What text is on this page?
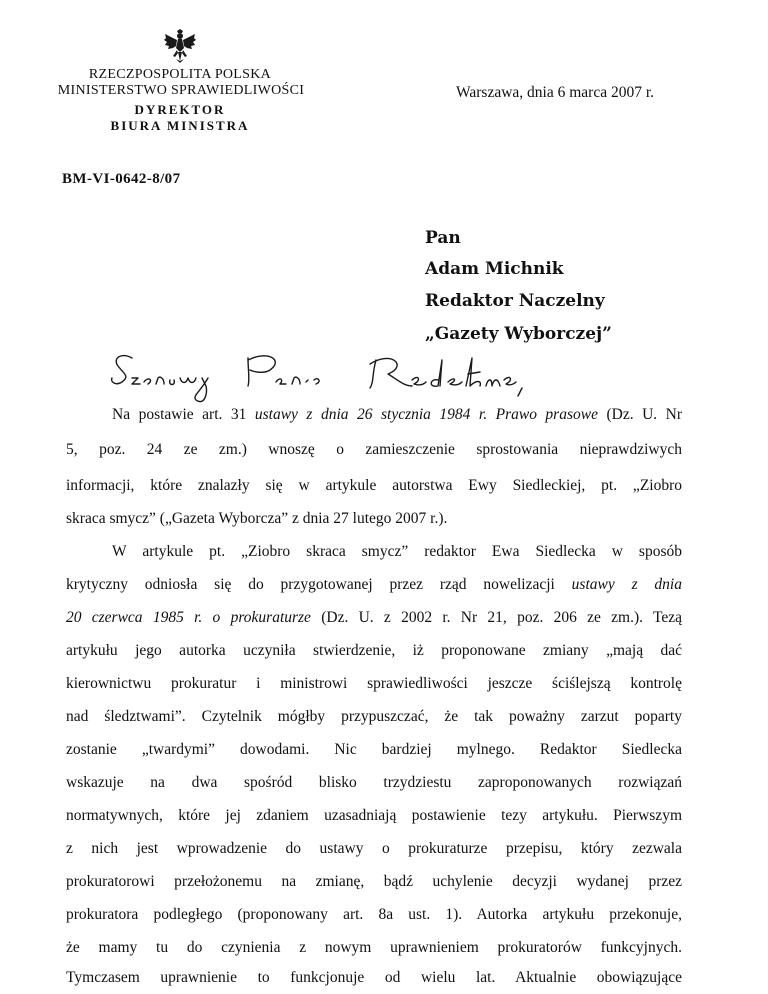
RZECZPOSPOLITA POLSKA
MINISTERSTWO SPRAWIEDLIWOŚCI
DYREKTOR
BIURA MINISTRA
Warszawa, dnia 6 marca 2007 r.
BM-VI-0642-8/07
Pan
Adam Michnik
Redaktor Naczelny
„Gazety Wyborczej”
Na postawie art. 31 ustawy z dnia 26 stycznia 1984 r. Prawo prasowe (Dz. U. Nr
5, poz. 24 ze zm.) wnoszę o zamieszczenie sprostowania nieprawdziwych
informacji, które znalazły się w artykule autorstwa Ewy Siedleckiej, pt. „Ziobro
skraca smycz” („Gazeta Wyborcza” z dnia 27 lutego 2007 r.).
W artykule pt. „Ziobro skraca smycz” redaktor Ewa Siedlecka w sposób
krytyczny odniosła się do przygotowanej przez rząd nowelizacji ustawy z dnia
20 czerwca 1985 r. o prokuraturze (Dz. U. z 2002 r. Nr 21, poz. 206 ze zm.). Tezą
artykułu jego autorka uczyniła stwierdzenie, iż proponowane zmiany „mają dać
kierownictwu prokuratur i ministrowi sprawiedliwości jeszcze ściślejszą kontrolę
nad śledztwami”. Czytelnik mógłby przypuszczać, że tak poważny zarzut poparty
zostanie „twardymi” dowodami. Nic bardziej mylnego. Redaktor Siedlecka
wskazuje na dwa spośród blisko trzydziestu zaproponowanych rozwiązań
normatywnych, które jej zdaniem uzasadniają postawienie tezy artykułu. Pierwszym
z nich jest wprowadzenie do ustawy o prokuraturze przepisu, który zezwala
prokuratorowi przełożonemu na zmianę, bądź uchylenie decyzji wydanej przez
prokuratora podległego (proponowany art. 8a ust. 1). Autorka artykułu przekonuje,
że mamy tu do czynienia z nowym uprawnieniem prokuratorów funkcyjnych.
Tymczasem uprawnienie to funkcjonuje od wielu lat. Aktualnie obowiązujące
